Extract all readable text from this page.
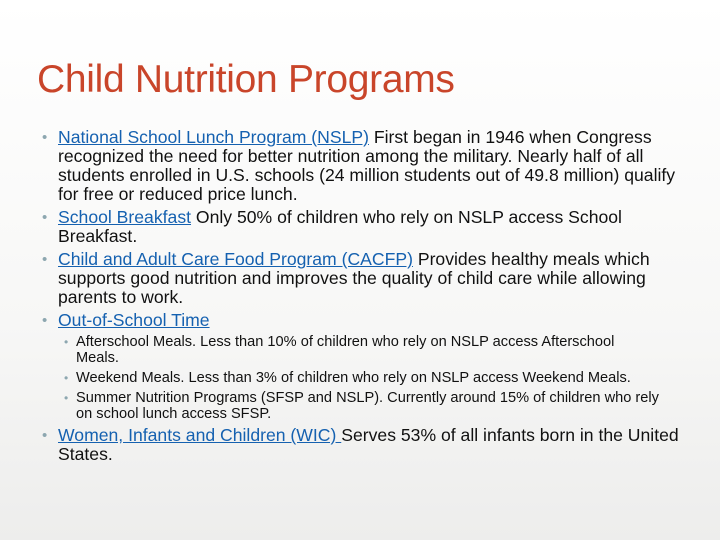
Child Nutrition Programs
• National School Lunch Program (NSLP) First began in 1946 when Congress recognized the need for better nutrition among the military. Nearly half of all students enrolled in U.S. schools (24 million students out of 49.8 million) qualify for free or reduced price lunch.
• School Breakfast Only 50% of children who rely on NSLP access School Breakfast.
• Child and Adult Care Food Program (CACFP) Provides healthy meals which supports good nutrition and improves the quality of child care while allowing parents to work.
• Out-of-School Time
• Afterschool Meals. Less than 10% of children who rely on NSLP access Afterschool Meals.
• Weekend Meals. Less than 3% of children who rely on NSLP access Weekend Meals.
• Summer Nutrition Programs (SFSP and NSLP). Currently around 15% of children who rely on school lunch access SFSP.
• Women, Infants and Children (WIC) Serves 53% of all infants born in the United States.
